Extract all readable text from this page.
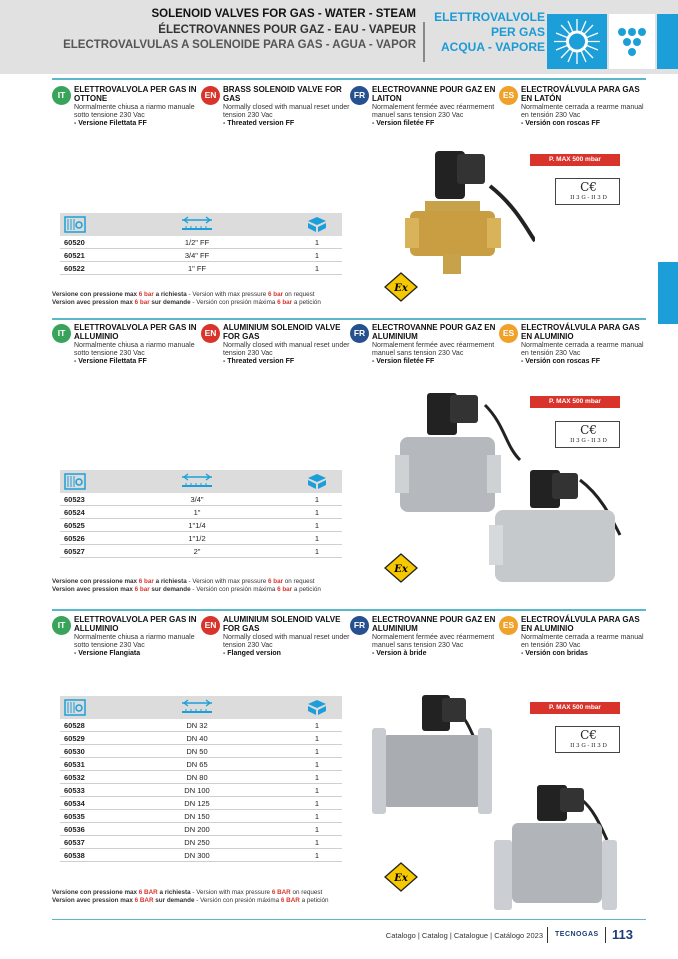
SOLENOID VALVES FOR GAS - WATER - STEAM
ÉLECTROVANNES POUR GAZ - EAU - VAPEUR
ELECTROVALVULAS A SOLENOIDE PARA GAS - AGUA - VAPOR
ELETTROVALVOLE
PER GAS
ACQUA - VAPORE
IT
ELETTROVALVOLA PER GAS IN OTTONE
Normalmente chiusa a riarmo manuale sotto tensione 230 Vac
- Versione Filettata FF
EN
BRASS SOLENOID VALVE FOR GAS
Normally closed with manual reset under tension 230 Vac
- Threated version FF
FR
ELECTROVANNE POUR GAZ EN LAITON
Normalement fermée avec réarmement manuel sans tension 230 Vac
- Version filetée FF
ES
ELECTROVÁLVULA PARA GAS EN LATÓN
Normalmente cerrada a rearme manual en tensión 230 Vac
- Versión con roscas FF
60520	1/2" FF	1
60521	3/4" FF	1
60522	1" FF	1
Versione con pressione max 6 bar a richiesta - Version with max pressure 6 bar on request
Version avec pression max 6 bar sur demande - Versión con presión máxima 6 bar a petición
P. MAX 500 mbar
C€
II 3 G - II 3 D
Ex
IT
ELETTROVALVOLA PER GAS IN ALLUMINIO
Normalmente chiusa a riarmo manuale sotto tensione 230 Vac
- Versione Filettata FF
EN
ALUMINIUM SOLENOID VALVE FOR GAS
Normally closed with manual reset under tension 230 Vac
- Threated version FF
FR
ELECTROVANNE POUR GAZ EN ALUMINIUM
Normalement fermée avec réarmement manuel sans tension 230 Vac
- Version filetée FF
ES
ELECTROVÁLVULA PARA GAS EN ALUMINIO
Normalmente cerrada a rearme manual en tensión 230 Vac
- Versión con roscas FF
60523	3/4"	1
60524	1"	1
60525	1"1/4	1
60526	1"1/2	1
60527	2"	1
Versione con pressione max 6 bar a richiesta - Version with max pressure 6 bar on request
Version avec pression max 6 bar sur demande - Versión con presión máxima 6 bar a petición
P. MAX 500 mbar
C€
II 3 G - II 3 D
Ex
IT
ELETTROVALVOLA PER GAS IN ALLUMINIO
Normalmente chiusa a riarmo manuale sotto tensione 230 Vac
- Versione Flangiata
EN
ALUMINIUM SOLENOID VALVE FOR GAS
Normally closed with manual reset under tension 230 Vac
- Flanged version
FR
ELECTROVANNE POUR GAZ EN ALUMINIUM
Normalement fermée avec réarmement manuel sans tension 230 Vac
- Version à bride
ES
ELECTROVÁLVULA PARA GAS EN ALUMINIO
Normalmente cerrada a rearme manual en tensión 230 Vac
- Versión con bridas
60528	DN 32	1
60529	DN 40	1
60530	DN 50	1
60531	DN 65	1
60532	DN 80	1
60533	DN 100	1
60534	DN 125	1
60535	DN 150	1
60536	DN 200	1
60537	DN 250	1
60538	DN 300	1
Versione con pressione max 6 BAR a richiesta - Version with max pressure 6 BAR on request
Version avec pression max 6 BAR sur demande - Versión con presión máxima 6 BAR a petición
P. MAX 500 mbar
C€
II 3 G - II 3 D
Ex
Catalogo | Catalog | Catalogue | Catálogo 2023 TECNOGAS 113
